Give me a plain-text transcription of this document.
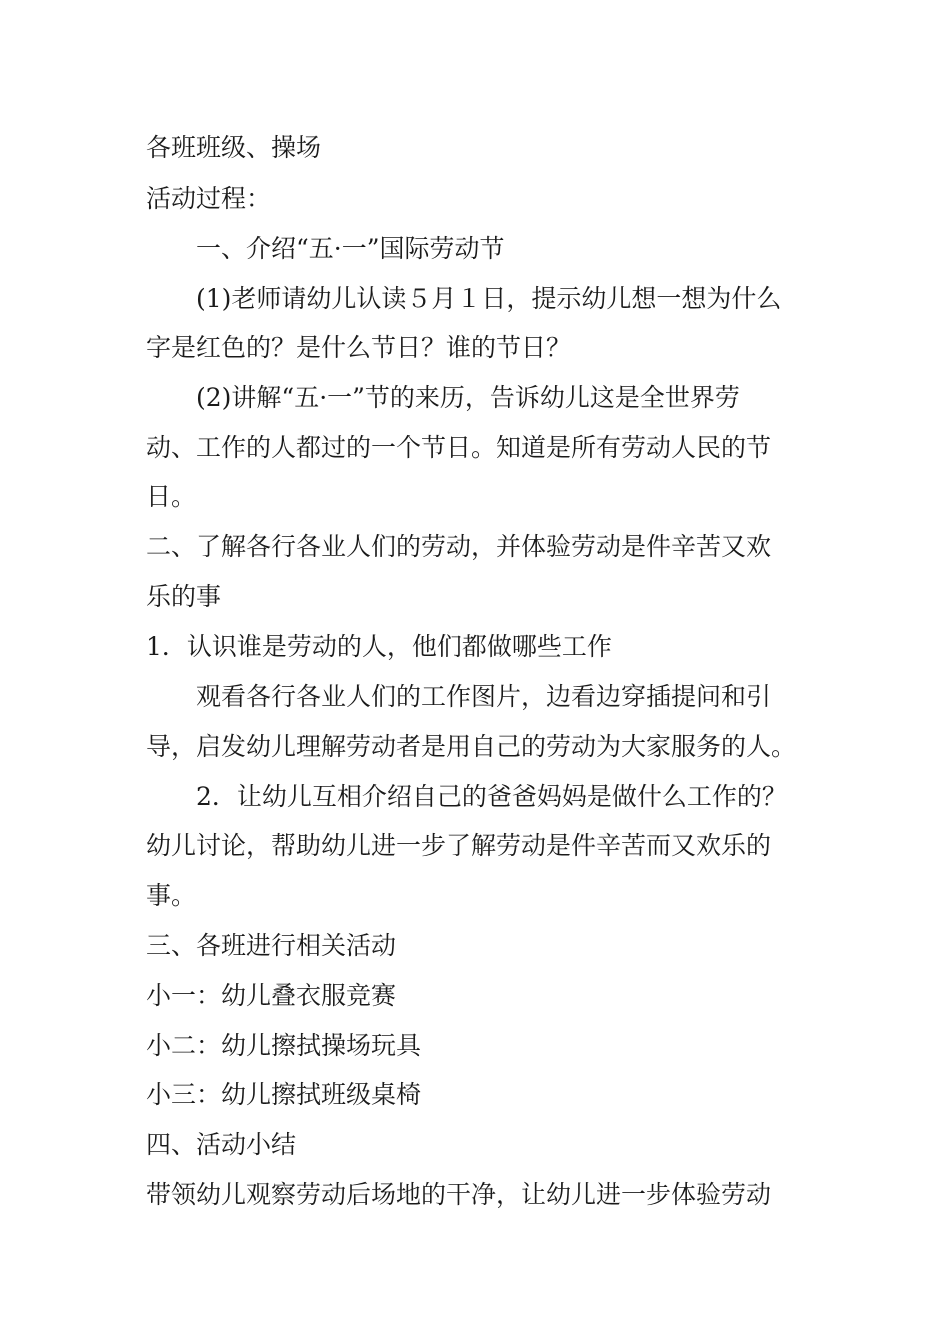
各班班级、操场
活动过程：
一、介绍“五·一”国际劳动节
(1)老师请幼儿认读５月１日，提示幼儿想一想为什么
字是红色的？是什么节日？谁的节日？
(2)讲解“五·一”节的来历，告诉幼儿这是全世界劳
动、工作的人都过的一个节日。知道是所有劳动人民的节
日。
二、了解各行各业人们的劳动，并体验劳动是件辛苦又欢
乐的事
1．认识谁是劳动的人，他们都做哪些工作
观看各行各业人们的工作图片，边看边穿插提问和引
导，启发幼儿理解劳动者是用自己的劳动为大家服务的人。
2．让幼儿互相介绍自己的爸爸妈妈是做什么工作的？
幼儿讨论，帮助幼儿进一步了解劳动是件辛苦而又欢乐的
事。
三、各班进行相关活动
小一：幼儿叠衣服竞赛
小二：幼儿擦拭操场玩具
小三：幼儿擦拭班级桌椅
四、活动小结
带领幼儿观察劳动后场地的干净，让幼儿进一步体验劳动
